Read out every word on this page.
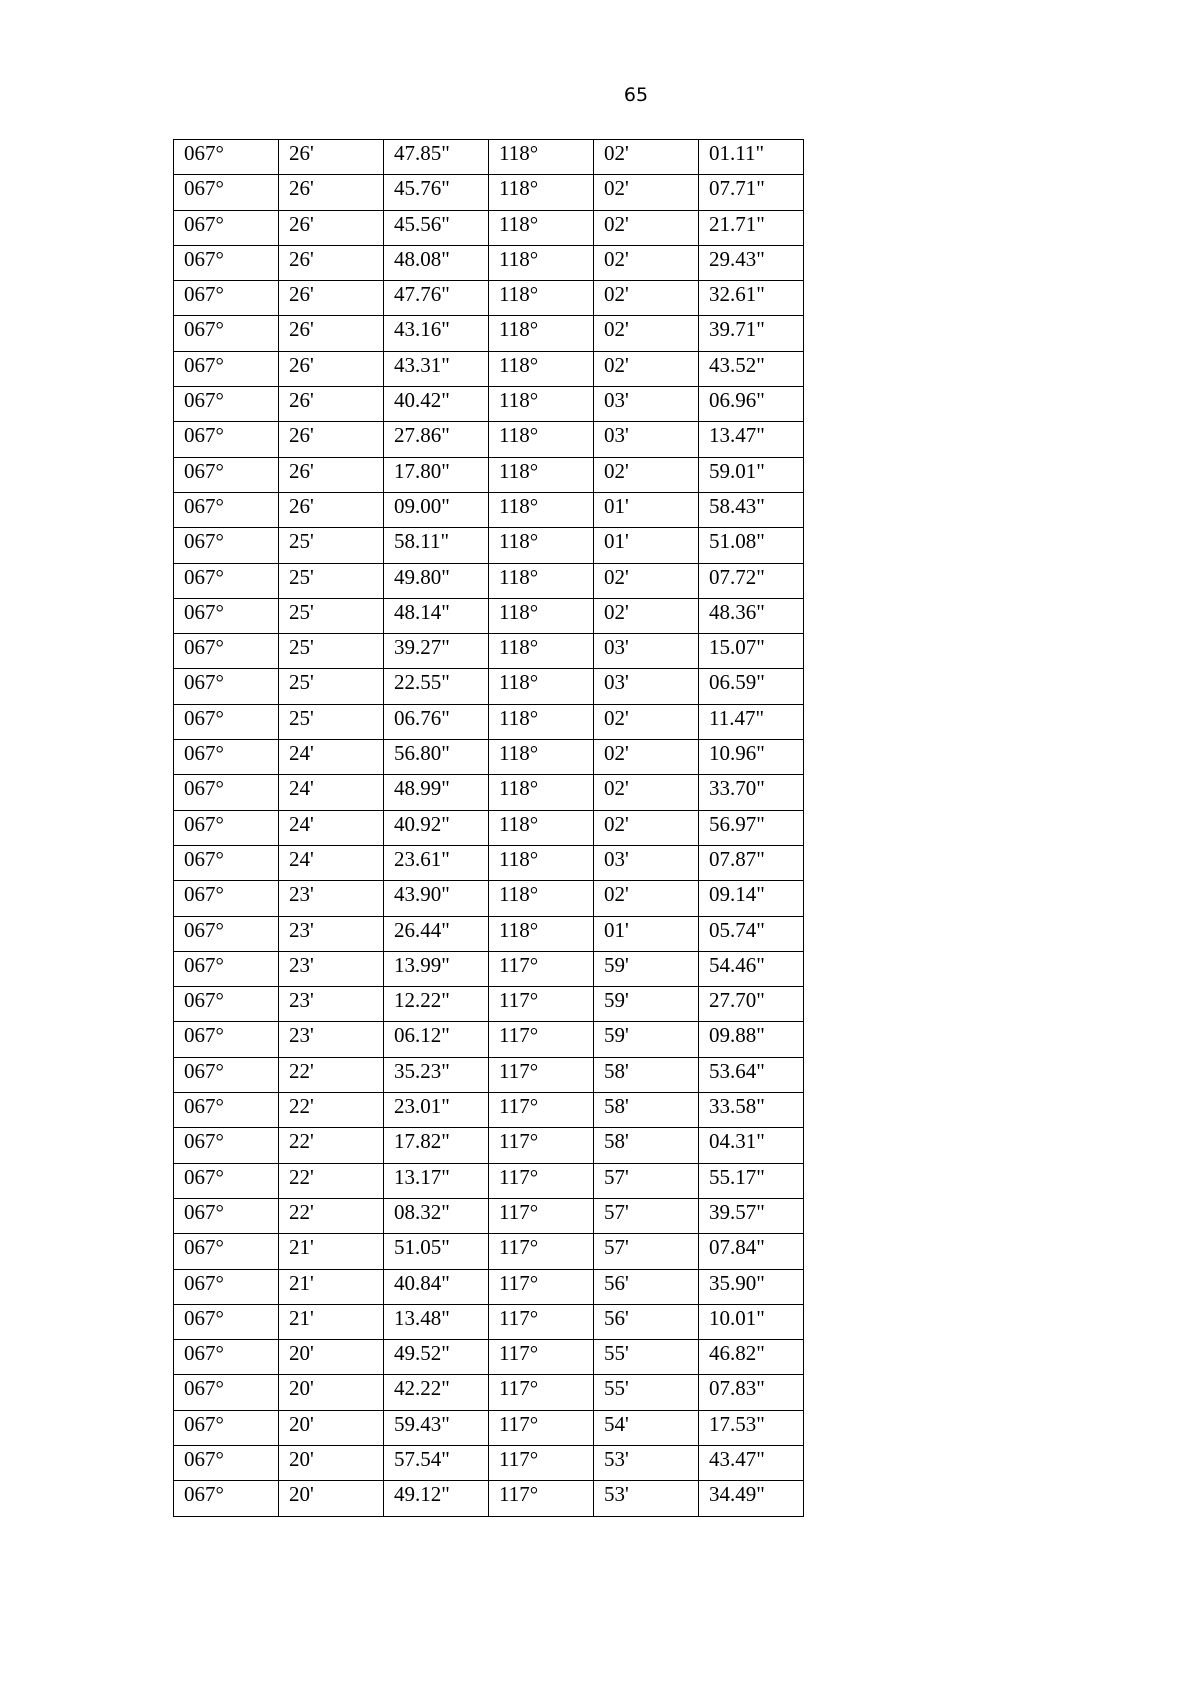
65
067°	26'	47.85"	118°	02'	01.11"
067°	26'	45.76"	118°	02'	07.71"
067°	26'	45.56"	118°	02'	21.71"
067°	26'	48.08"	118°	02'	29.43"
067°	26'	47.76"	118°	02'	32.61"
067°	26'	43.16"	118°	02'	39.71"
067°	26'	43.31"	118°	02'	43.52"
067°	26'	40.42"	118°	03'	06.96"
067°	26'	27.86"	118°	03'	13.47"
067°	26'	17.80"	118°	02'	59.01"
067°	26'	09.00"	118°	01'	58.43"
067°	25'	58.11"	118°	01'	51.08"
067°	25'	49.80"	118°	02'	07.72"
067°	25'	48.14"	118°	02'	48.36"
067°	25'	39.27"	118°	03'	15.07"
067°	25'	22.55"	118°	03'	06.59"
067°	25'	06.76"	118°	02'	11.47"
067°	24'	56.80"	118°	02'	10.96"
067°	24'	48.99"	118°	02'	33.70"
067°	24'	40.92"	118°	02'	56.97"
067°	24'	23.61"	118°	03'	07.87"
067°	23'	43.90"	118°	02'	09.14"
067°	23'	26.44"	118°	01'	05.74"
067°	23'	13.99"	117°	59'	54.46"
067°	23'	12.22"	117°	59'	27.70"
067°	23'	06.12"	117°	59'	09.88"
067°	22'	35.23"	117°	58'	53.64"
067°	22'	23.01"	117°	58'	33.58"
067°	22'	17.82"	117°	58'	04.31"
067°	22'	13.17"	117°	57'	55.17"
067°	22'	08.32"	117°	57'	39.57"
067°	21'	51.05"	117°	57'	07.84"
067°	21'	40.84"	117°	56'	35.90"
067°	21'	13.48"	117°	56'	10.01"
067°	20'	49.52"	117°	55'	46.82"
067°	20'	42.22"	117°	55'	07.83"
067°	20'	59.43"	117°	54'	17.53"
067°	20'	57.54"	117°	53'	43.47"
067°	20'	49.12"	117°	53'	34.49"
